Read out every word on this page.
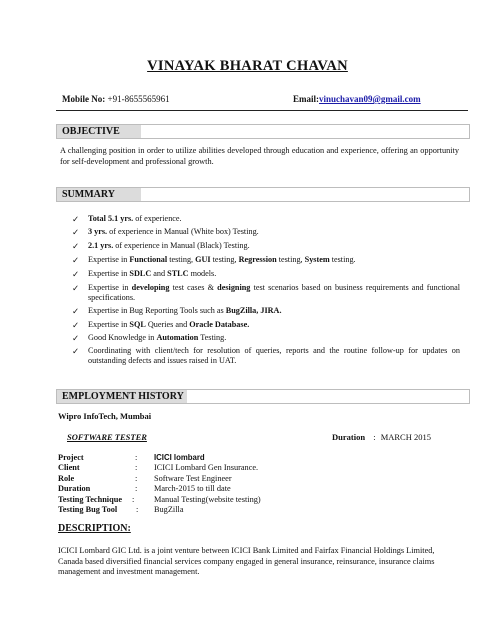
VINAYAK BHARAT CHAVAN
Mobile No: +91-8655565961	Email:vinuchavan09@gmail.com
OBJECTIVE
A challenging position in order to utilize abilities developed through education and experience, offering an opportunity for self-development and professional growth.
SUMMARY
✓ Total 5.1 yrs. of experience.
✓ 3 yrs. of experience in Manual (White box) Testing.
✓ 2.1 yrs. of experience in Manual (Black) Testing.
✓ Expertise in Functional testing, GUI testing, Regression testing, System testing.
✓ Expertise in SDLC and STLC models.
✓ Expertise in developing test cases & designing test scenarios based on business requirements and functional specifications.
✓ Expertise in Bug Reporting Tools such as BugZilla, JIRA.
✓ Expertise in SQL Queries and Oracle Database.
✓ Good Knowledge in Automation Testing.
✓ Coordinating with client/tech for resolution of queries, reports and the routine follow-up for updates on outstanding defects and issues raised in UAT.
EMPLOYMENT HISTORY
Wipro InfoTech, Mumbai
SOFTWARE TESTER	Duration : MARCH 2015
Project	: ICICI lombard
Client	: ICICI Lombard Gen Insurance.
Role	: Software Test Engineer
Duration	: March-2015 to till date
Testing Technique : Manual Testing(website testing)
Testing Bug Tool : BugZilla
DESCRIPTION:
ICICI Lombard GIC Ltd. is a joint venture between ICICI Bank Limited and Fairfax Financial Holdings Limited, Canada based diversified financial services company engaged in general insurance, reinsurance, insurance claims management and investment management.
